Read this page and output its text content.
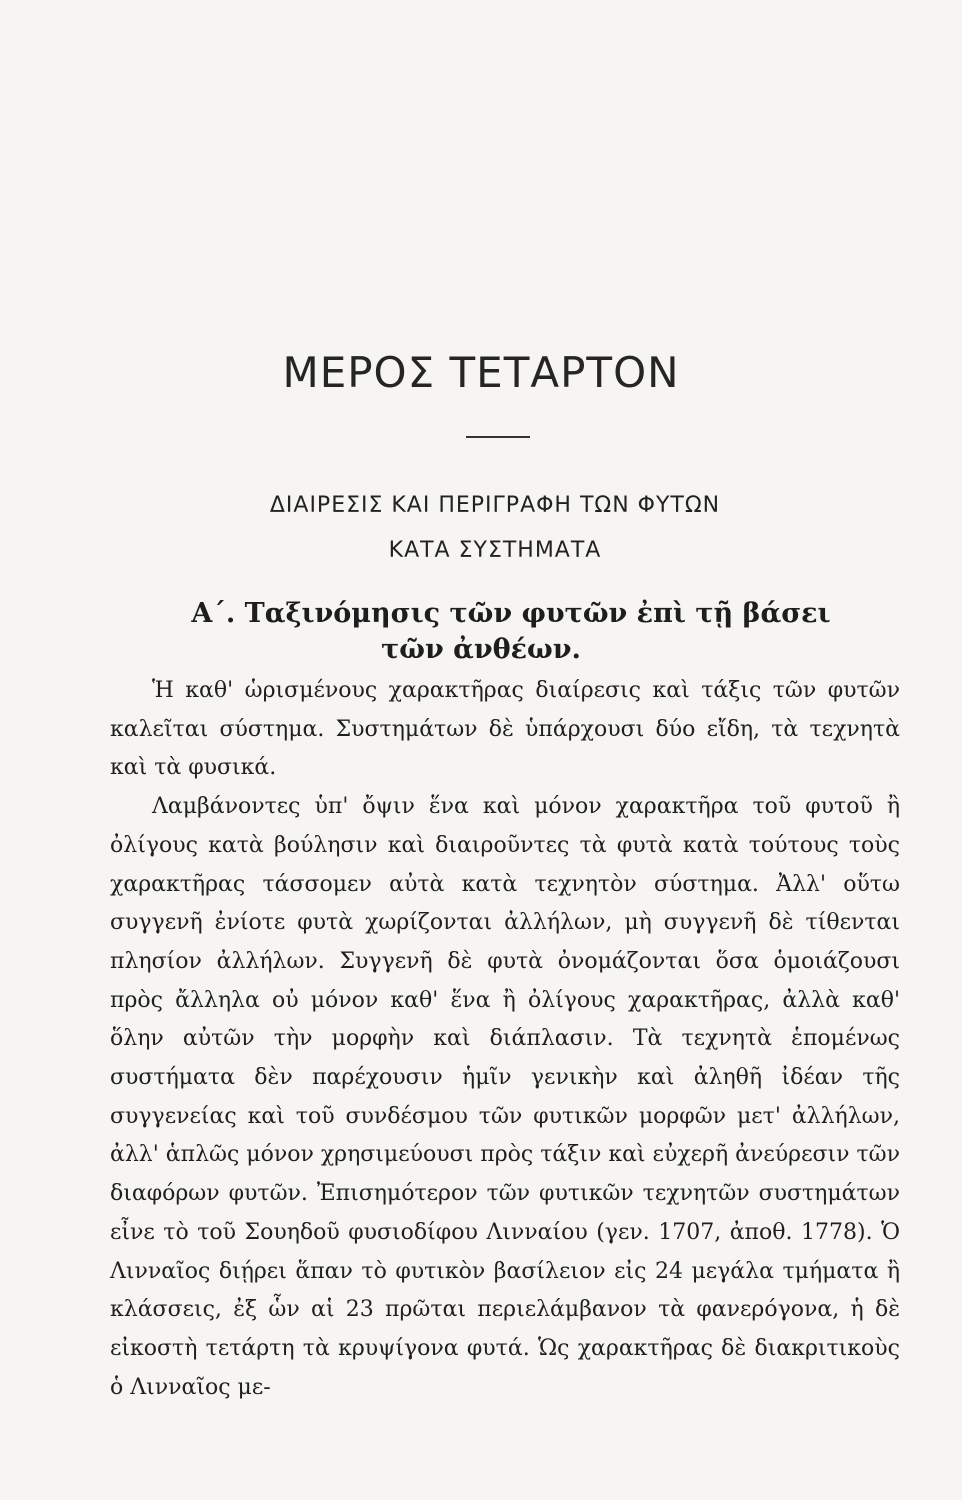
ΜΕΡΟΣ ΤΕΤΑΡΤΟΝ
ΔΙΑΙΡΕΣΙΣ ΚΑΙ ΠΕΡΙΓΡΑΦΗ ΤΩΝ ΦΥΤΩΝ
ΚΑΤΑ ΣΥΣΤΗΜΑΤΑ
Α΄. Ταξινόμησις τῶν φυτῶν ἐπὶ τῇ βάσει
τῶν ἀνθέων.

Ἡ καθ' ὡρισμένους χαρακτῆρας διαίρεσις καὶ τάξις τῶν φυτῶν καλεῖται σύστημα. Συστημάτων δὲ ὑπάρχουσι δύο εἴδη, τὰ τεχνητὰ καὶ τὰ φυσικά.

Λαμβάνοντες ὑπ' ὄψιν ἕνα καὶ μόνον χαρακτῆρα τοῦ φυτοῦ ἢ ὀλίγους κατὰ βούλησιν καὶ διαιροῦντες τὰ φυτὰ κατὰ τούτους τοὺς χαρακτῆρας τάσσομεν αὐτὰ κατὰ τεχνητὸν σύστημα. Ἀλλ' οὕτω συγγενῆ ἐνίοτε φυτὰ χωρίζονται ἀλλήλων, μὴ συγγενῆ δὲ τίθενται πλησίον ἀλλήλων. Συγγενῆ δὲ φυτὰ ὀνομάζονται ὅσα ὁμοιάζουσι πρὸς ἄλληλα οὐ μόνον καθ' ἕνα ἢ ὀλίγους χαρακτῆρας, ἀλλὰ καθ' ὅλην αὐτῶν τὴν μορφὴν καὶ διάπλασιν. Τὰ τεχνητὰ ἑπομένως συστήματα δὲν παρέχουσιν ἡμῖν γενικὴν καὶ ἀληθῆ ἰδέαν τῆς συγγενείας καὶ τοῦ συνδέσμου τῶν φυτικῶν μορφῶν μετ' ἀλλήλων, ἀλλ' ἁπλῶς μόνον χρησιμεύουσι πρὸς τάξιν καὶ εὐχερῆ ἀνεύρεσιν τῶν διαφόρων φυτῶν. Ἐπισημότερον τῶν φυτικῶν τεχνητῶν συστημάτων εἶνε τὸ τοῦ Σουηδοῦ φυσιοδίφου Λινναίου (γεν. 1707, ἀποθ. 1778). Ὁ Λινναῖος διῄρει ἅπαν τὸ φυτικὸν βασίλειον εἰς 24 μεγάλα τμήματα ἢ κλάσσεις, ἐξ ὧν αἱ 23 πρῶται περιελάμβανον τὰ φανερόγονα, ἡ δὲ εἰκοστὴ τετάρτη τὰ κρυψίγονα φυτά. Ὡς χαρακτῆρας δὲ διακριτικοὺς ὁ Λινναῖος με-
